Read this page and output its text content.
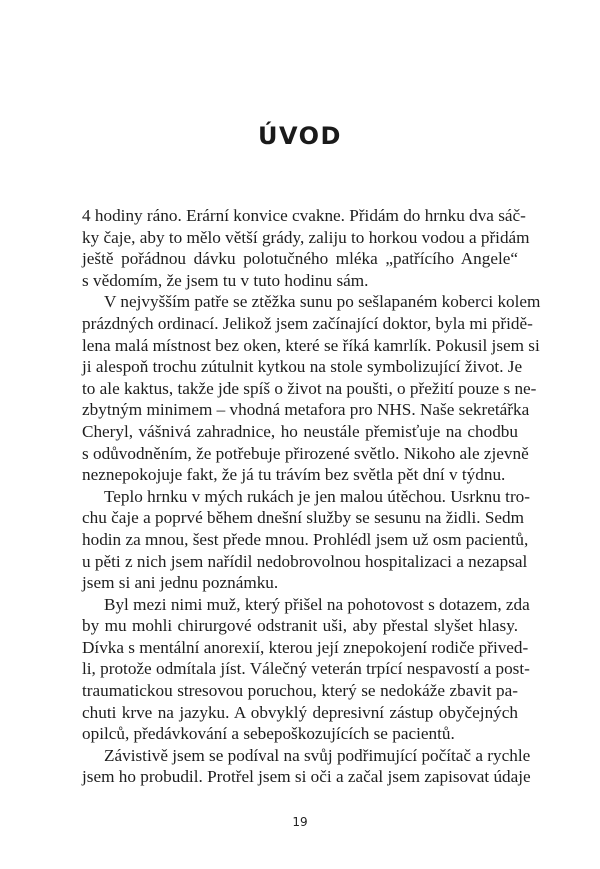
ÚVOD
4 hodiny ráno. Erární konvice cvakne. Přidám do hrnku dva sáč-
ky čaje, aby to mělo větší grády, zaliju to horkou vodou a přidám
ještě pořádnou dávku polotučného mléka „patřícího Angele“
s vědomím, že jsem tu v tuto hodinu sám.
V nejvyšším patře se ztěžka sunu po sešlapaném koberci kolem
prázdných ordinací. Jelikož jsem začínající doktor, byla mi přidě-
lena malá místnost bez oken, které se říká kamrlík. Pokusil jsem si
ji alespoň trochu zútulnit kytkou na stole symbolizující život. Je
to ale kaktus, takže jde spíš o život na poušti, o přežití pouze s ne-
zbytným minimem – vhodná metafora pro NHS. Naše sekretářka
Cheryl, vášnivá zahradnice, ho neustále přemisťuje na chodbu
s odůvodněním, že potřebuje přirozené světlo. Nikoho ale zjevně
neznepokojuje fakt, že já tu trávím bez světla pět dní v týdnu.
Teplo hrnku v mých rukách je jen malou útěchou. Usrknu tro-
chu čaje a poprvé během dnešní služby se sesunu na židli. Sedm
hodin za mnou, šest přede mnou. Prohlédl jsem už osm pacientů,
u pěti z nich jsem nařídil nedobrovolnou hospitalizaci a nezapsal
jsem si ani jednu poznámku.
Byl mezi nimi muž, který přišel na pohotovost s dotazem, zda
by mu mohli chirurgové odstranit uši, aby přestal slyšet hlasy.
Dívka s mentální anorexií, kterou její znepokojení rodiče přived-
li, protože odmítala jíst. Válečný veterán trpící nespavostí a post-
traumatickou stresovou poruchou, který se nedokáže zbavit pa-
chuti krve na jazyku. A obvyklý depresivní zástup obyčejných
opilců, předávkování a sebepoškozujících se pacientů.
Závistivě jsem se podíval na svůj podřimující počítač a rychle
jsem ho probudil. Protřel jsem si oči a začal jsem zapisovat údaje
19
